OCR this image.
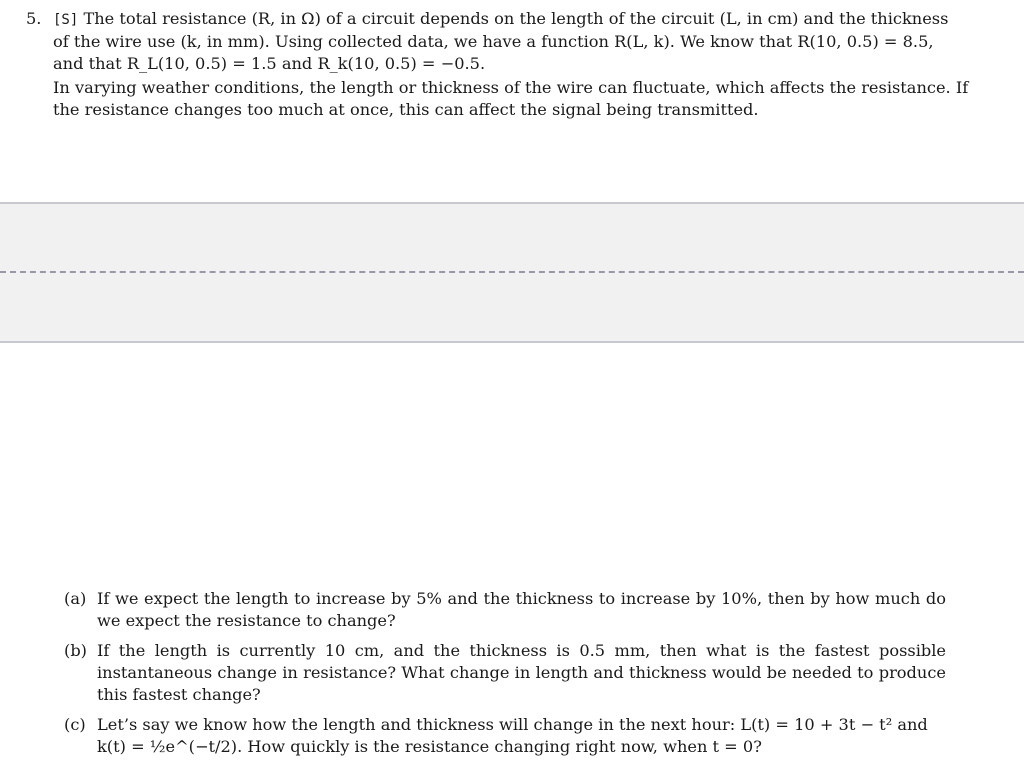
5. [S] The total resistance (R, in Ω) of a circuit depends on the length of the circuit (L, in cm) and the thickness
of the wire use (k, in mm). Using collected data, we have a function R(L, k). We know that R(10, 0.5) = 8.5,
and that R_L(10, 0.5) = 1.5 and R_k(10, 0.5) = −0.5.
In varying weather conditions, the length or thickness of the wire can fluctuate, which affects the resistance. If
the resistance changes too much at once, this can affect the signal being transmitted.
(a) If we expect the length to increase by 5% and the thickness to increase by 10%, then by how much do we expect the resistance to change?
(b) If the length is currently 10 cm, and the thickness is 0.5 mm, then what is the fastest possible instantaneous change in resistance? What change in length and thickness would be needed to produce this fastest change?
(c) Let’s say we know how the length and thickness will change in the next hour: L(t) = 10 + 3t − t² and
k(t) = ½e^(−t/2). How quickly is the resistance changing right now, when t = 0?
